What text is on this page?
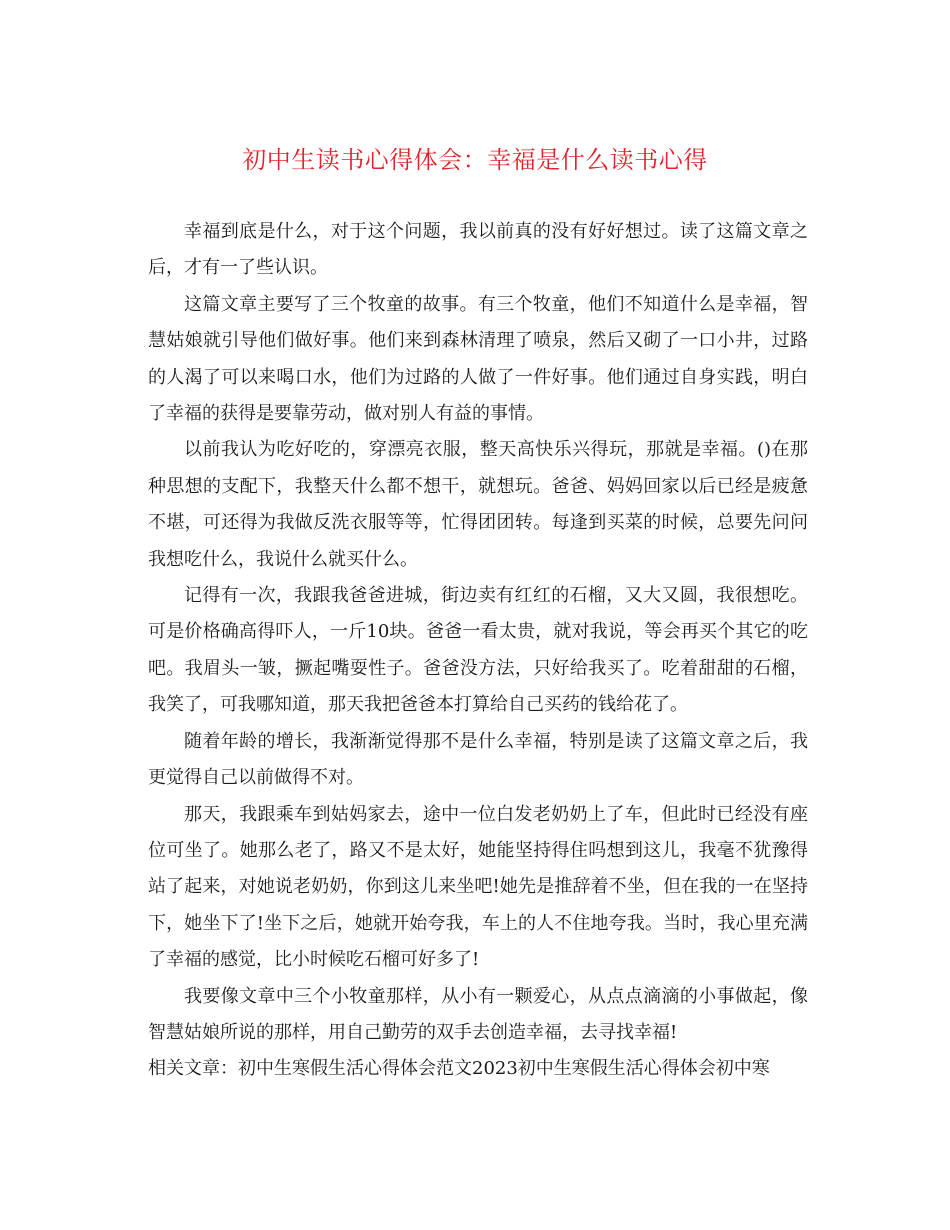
初中生读书心得体会：幸福是什么读书心得

幸福到底是什么，对于这个问题，我以前真的没有好好想过。读了这篇文章之后，才有一了些认识。

这篇文章主要写了三个牧童的故事。有三个牧童，他们不知道什么是幸福，智慧姑娘就引导他们做好事。他们来到森林清理了喷泉，然后又砌了一口小井，过路的人渴了可以来喝口水，他们为过路的人做了一件好事。他们通过自身实践，明白了幸福的获得是要靠劳动，做对别人有益的事情。

以前我认为吃好吃的，穿漂亮衣服，整天高快乐兴得玩，那就是幸福。()在那种思想的支配下，我整天什么都不想干，就想玩。爸爸、妈妈回家以后已经是疲惫不堪，可还得为我做反洗衣服等等，忙得团团转。每逢到买菜的时候，总要先问问我想吃什么，我说什么就买什么。

记得有一次，我跟我爸爸进城，街边卖有红红的石榴，又大又圆，我很想吃。可是价格确高得吓人，一斤10块。爸爸一看太贵，就对我说，等会再买个其它的吃吧。我眉头一皱，撅起嘴耍性子。爸爸没方法，只好给我买了。吃着甜甜的石榴，我笑了，可我哪知道，那天我把爸爸本打算给自己买药的钱给花了。

随着年龄的增长，我渐渐觉得那不是什么幸福，特别是读了这篇文章之后，我更觉得自己以前做得不对。

那天，我跟乘车到姑妈家去，途中一位白发老奶奶上了车，但此时已经没有座位可坐了。她那么老了，路又不是太好，她能坚持得住吗想到这儿，我毫不犹豫得站了起来，对她说老奶奶，你到这儿来坐吧!她先是推辞着不坐，但在我的一在坚持下，她坐下了!坐下之后，她就开始夸我，车上的人不住地夸我。当时，我心里充满了幸福的感觉，比小时候吃石榴可好多了!

我要像文章中三个小牧童那样，从小有一颗爱心，从点点滴滴的小事做起，像智慧姑娘所说的那样，用自己勤劳的双手去创造幸福，去寻找幸福!

相关文章：初中生寒假生活心得体会范文2023初中生寒假生活心得体会初中寒
